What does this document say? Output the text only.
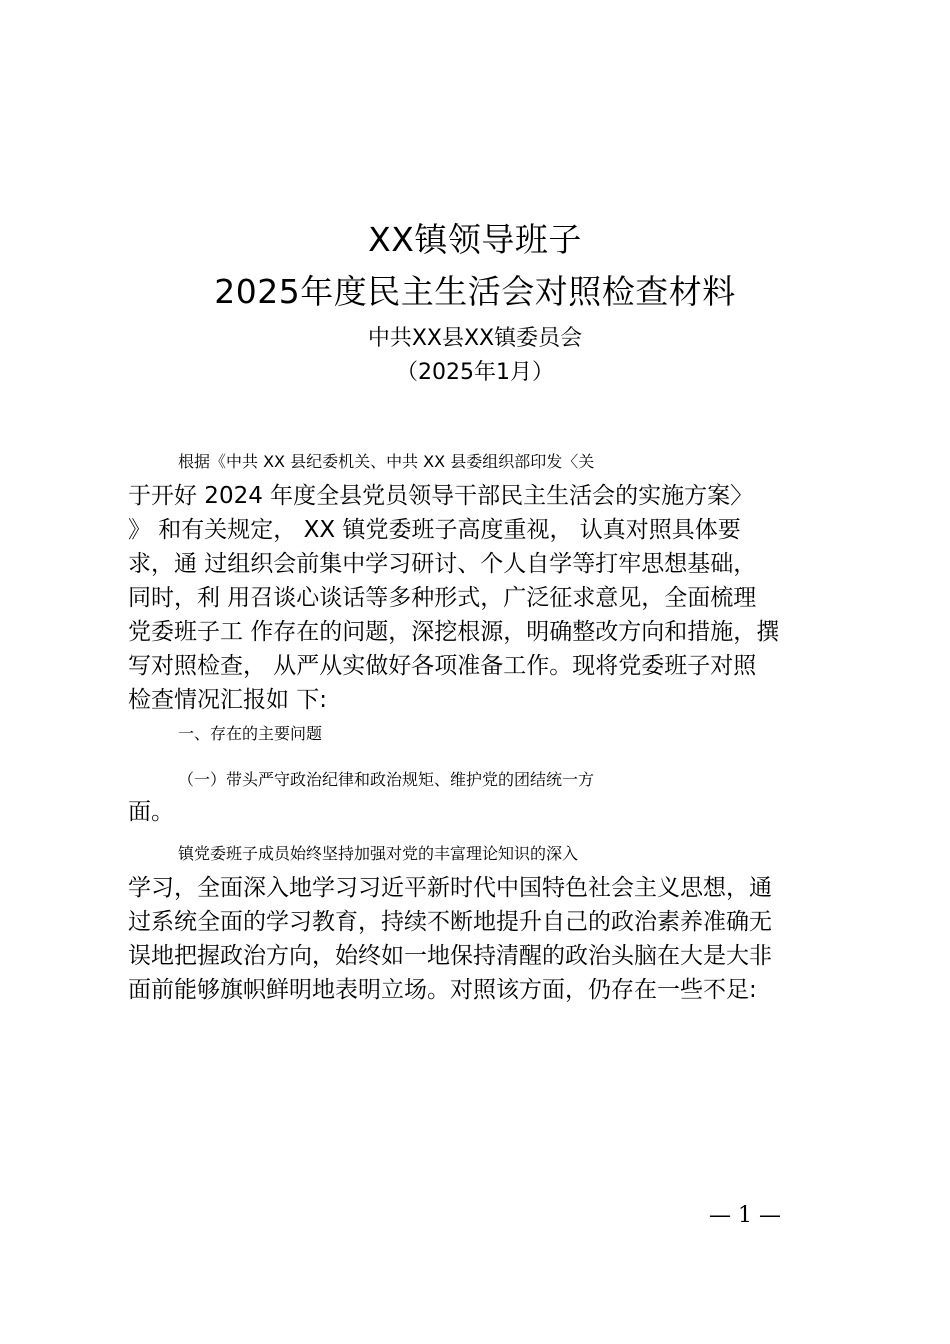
XX镇领导班子
2025年度民主生活会对照检查材料
中共XX县XX镇委员会
（2025年1月）
根据《中共 XX 县纪委机关、中共 XX 县委组织部印发〈关
于开好 2024 年度全县党员领导干部民主生活会的实施方案〉
》 和有关规定， XX 镇党委班子高度重视， 认真对照具体要
求，通 过组织会前集中学习研讨、个人自学等打牢思想基础，
同时，利 用召谈心谈话等多种形式，广泛征求意见，全面梳理
党委班子工 作存在的问题，深挖根源，明确整改方向和措施，撰
写对照检查， 从严从实做好各项准备工作。现将党委班子对照
检查情况汇报如 下:
一、存在的主要问题
（一）带头严守政治纪律和政治规矩、维护党的团结统一方
面。
镇党委班子成员始终坚持加强对党的丰富理论知识的深入
学习，全面深入地学习习近平新时代中国特色社会主义思想，通
过系统全面的学习教育，持续不断地提升自己的政治素养准确无
误地把握政治方向，始终如一地保持清醒的政治头脑在大是大非
面前能够旗帜鲜明地表明立场。对照该方面，仍存在一些不足:
— 1 —
